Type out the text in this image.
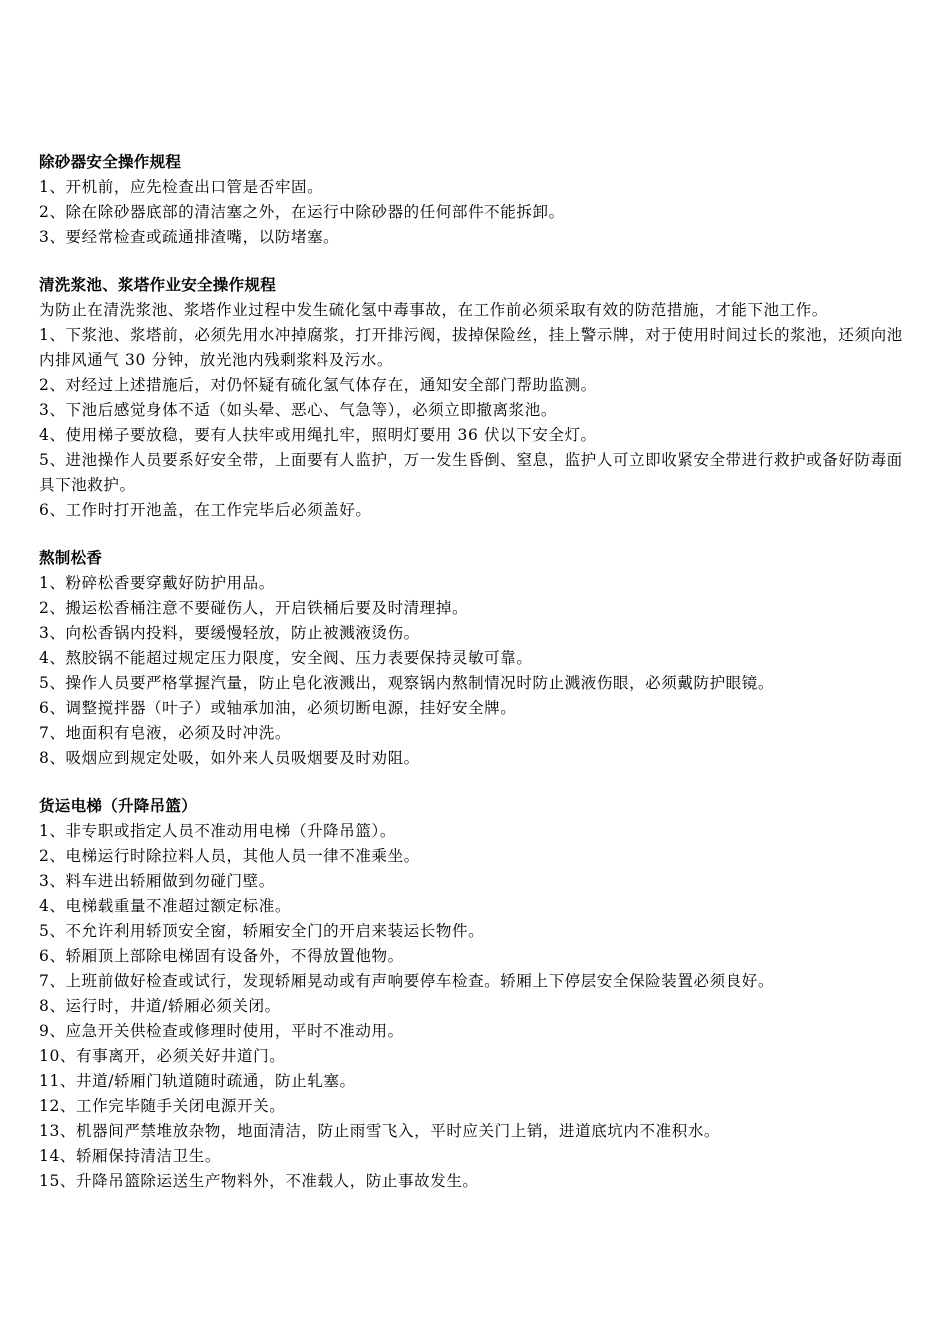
除砂器安全操作规程

1、开机前，应先检查出口管是否牢固。

2、除在除砂器底部的清洁塞之外，在运行中除砂器的任何部件不能拆卸。

3、要经常检查或疏通排渣嘴，以防堵塞。

清洗浆池、浆塔作业安全操作规程

为防止在清洗浆池、浆塔作业过程中发生硫化氢中毒事故，在工作前必须采取有效的防范措施，才能下池工作。

1、下浆池、浆塔前，必须先用水冲掉腐浆，打开排污阀，拔掉保险丝，挂上警示牌，对于使用时间过长的浆池，还须向池内排风通气 30 分钟，放光池内残剩浆料及污水。

2、对经过上述措施后，对仍怀疑有硫化氢气体存在，通知安全部门帮助监测。

3、下池后感觉身体不适（如头晕、恶心、气急等），必须立即撤离浆池。

4、使用梯子要放稳，要有人扶牢或用绳扎牢，照明灯要用 36 伏以下安全灯。

5、进池操作人员要系好安全带，上面要有人监护，万一发生昏倒、窒息，监护人可立即收紧安全带进行救护或备好防毒面具下池救护。

6、工作时打开池盖，在工作完毕后必须盖好。

熬制松香

1、粉碎松香要穿戴好防护用品。

2、搬运松香桶注意不要碰伤人，开启铁桶后要及时清理掉。

3、向松香锅内投料，要缓慢轻放，防止被溅液烫伤。

4、熬胶锅不能超过规定压力限度，安全阀、压力表要保持灵敏可靠。

5、操作人员要严格掌握汽量，防止皂化液溅出，观察锅内熬制情况时防止溅液伤眼，必须戴防护眼镜。

6、调整搅拌器（叶子）或轴承加油，必须切断电源，挂好安全牌。

7、地面积有皂液，必须及时冲洗。

8、吸烟应到规定处吸，如外来人员吸烟要及时劝阻。

货运电梯（升降吊篮）

1、非专职或指定人员不准动用电梯（升降吊篮）。

2、电梯运行时除拉料人员，其他人员一律不准乘坐。

3、料车进出轿厢做到勿碰门壁。

4、电梯载重量不准超过额定标准。

5、不允许利用轿顶安全窗，轿厢安全门的开启来装运长物件。

6、轿厢顶上部除电梯固有设备外，不得放置他物。

7、上班前做好检查或试行，发现轿厢晃动或有声响要停车检查。轿厢上下停层安全保险装置必须良好。

8、运行时，井道/轿厢必须关闭。

9、应急开关供检查或修理时使用，平时不准动用。

10、有事离开，必须关好井道门。

11、井道/轿厢门轨道随时疏通，防止轧塞。

12、工作完毕随手关闭电源开关。

13、机器间严禁堆放杂物，地面清洁，防止雨雪飞入，平时应关门上销，进道底坑内不准积水。

14、轿厢保持清洁卫生。

15、升降吊篮除运送生产物料外，不准载人，防止事故发生。
